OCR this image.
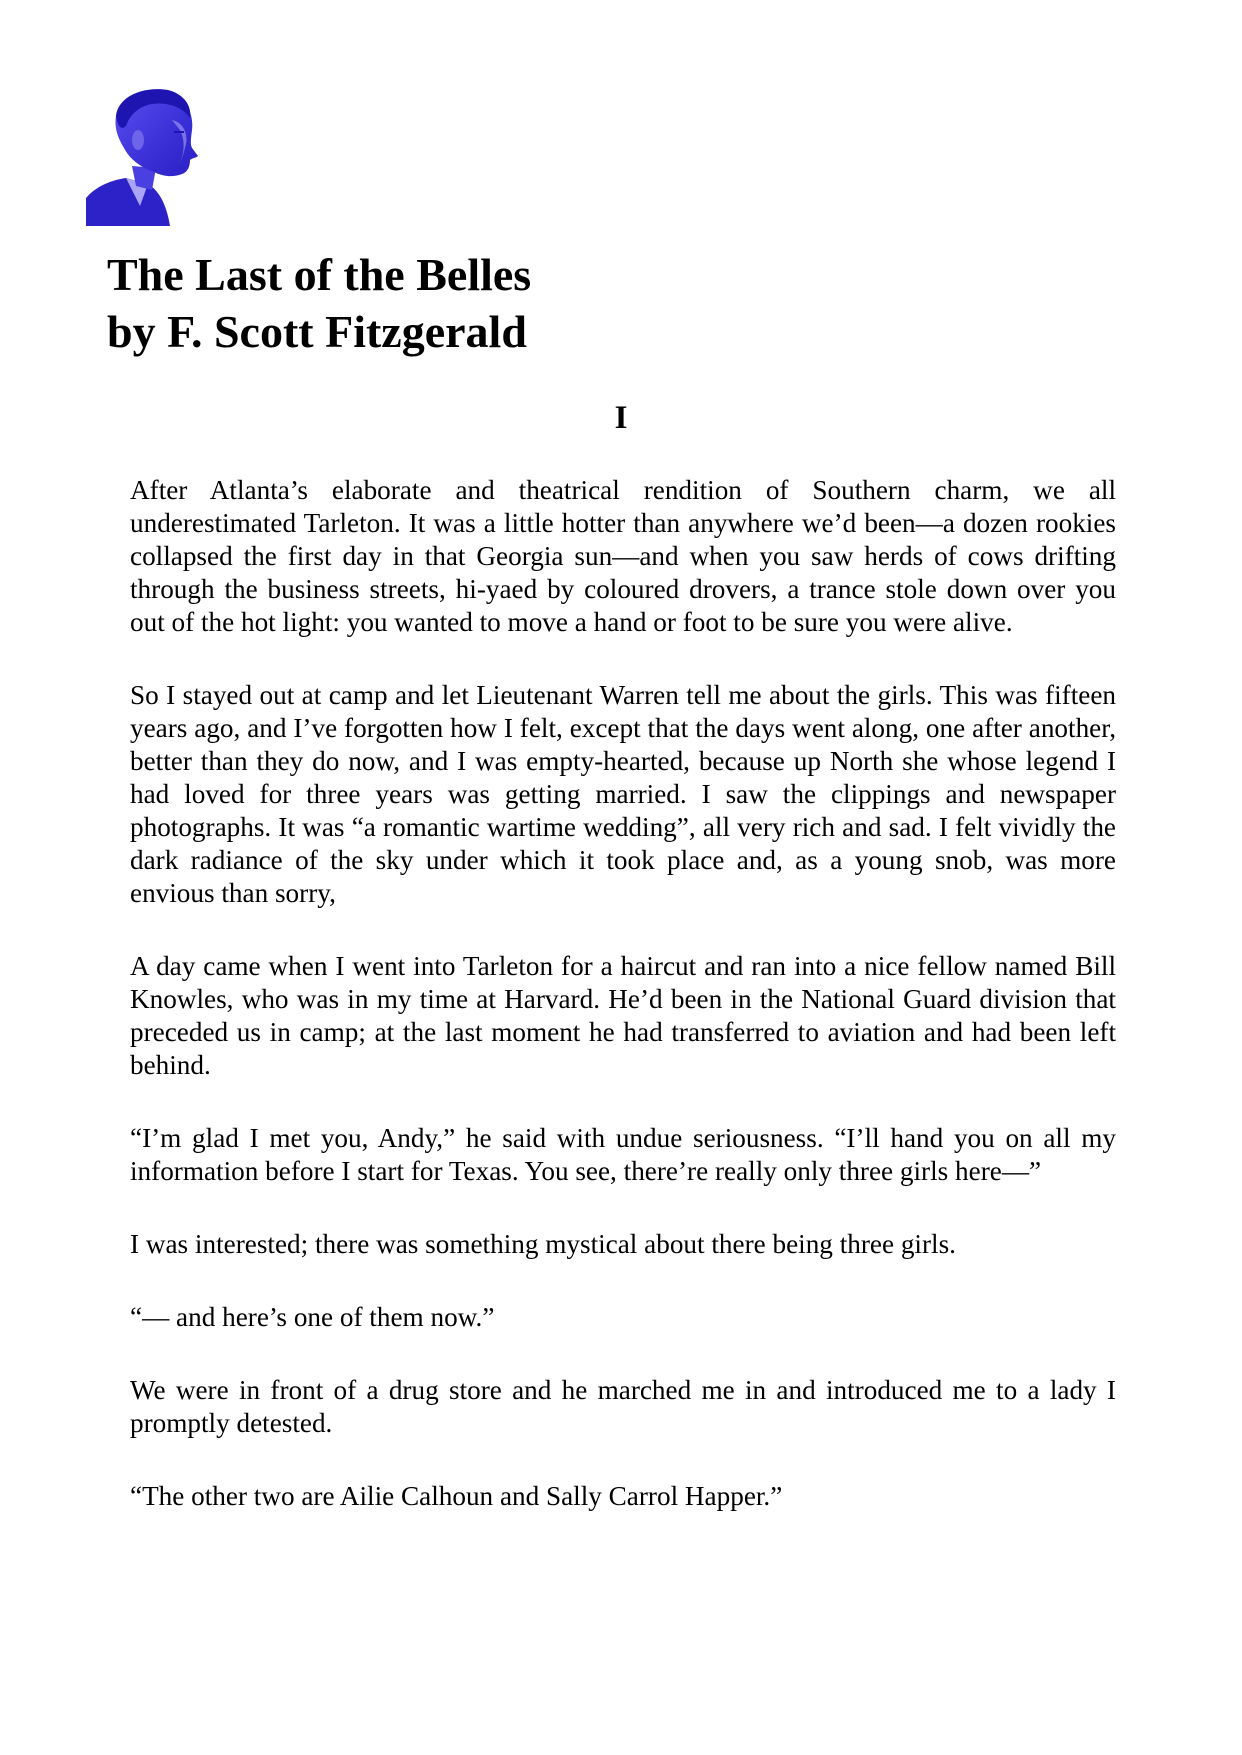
The Last of the Belles
by F. Scott Fitzgerald
I

After Atlanta’s elaborate and theatrical rendition of Southern charm, we all underestimated Tarleton. It was a little hotter than anywhere we’d been—a dozen rookies collapsed the first day in that Georgia sun—and when you saw herds of cows drifting through the business streets, hi-yaed by coloured drovers, a trance stole down over you out of the hot light: you wanted to move a hand or foot to be sure you were alive.

So I stayed out at camp and let Lieutenant Warren tell me about the girls. This was fifteen years ago, and I’ve forgotten how I felt, except that the days went along, one after another, better than they do now, and I was empty-hearted, because up North she whose legend I had loved for three years was getting married. I saw the clippings and newspaper photographs. It was “a romantic wartime wedding”, all very rich and sad. I felt vividly the dark radiance of the sky under which it took place and, as a young snob, was more envious than sorry,

A day came when I went into Tarleton for a haircut and ran into a nice fellow named Bill Knowles, who was in my time at Harvard. He’d been in the National Guard division that preceded us in camp; at the last moment he had transferred to aviation and had been left behind.

“I’m glad I met you, Andy,” he said with undue seriousness. “I’ll hand you on all my information before I start for Texas. You see, there’re really only three girls here—”

I was interested; there was something mystical about there being three girls.

“— and here’s one of them now.”

We were in front of a drug store and he marched me in and introduced me to a lady I promptly detested.

“The other two are Ailie Calhoun and Sally Carrol Happer.”
